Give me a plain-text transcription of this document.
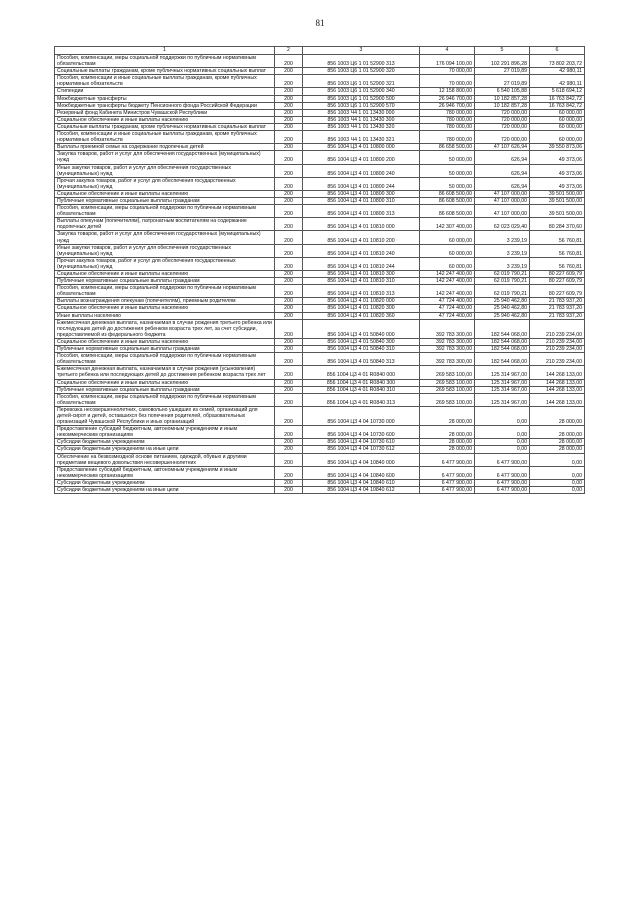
81
1	2	3	4	5	6
Пособия, компенсации, меры социальной поддержки по публичным нормативным обязательствам	200	856 1003 Ц6 1 01 52900 313	176 094 100,00	102 291 896,28	73 802 203,72
Социальные выплаты гражданам, кроме публичных нормативных социальных выплат	200	856 1003 Ц6 1 01 52900 320	70 000,00	27 019,89	42 980,11
Пособия, компенсации и иные социальные выплаты гражданам, кроме публичных нормативных обязательств	200	856 1003 Ц6 1 01 52900 321	70 000,00	27 019,89	42 980,11
Стипендии	200	856 1003 Ц6 1 01 52900 340	12 158 800,00	6 540 105,88	5 618 694,12
Межбюджетные трансферты	200	856 1003 Ц6 1 01 52900 500	26 946 700,00	10 182 857,28	16 763 842,72
Межбюджетные трансферты бюджету Пенсионного фонда Российской Федерации	200	856 1003 Ц6 1 01 52900 570	26 946 700,00	10 182 857,28	16 763 842,72
Резервный фонд Кабинета Министров Чувашской Республики	200	856 1003 Ч4 1 01 13430 000	780 000,00	720 000,00	60 000,00
Социальное обеспечение и иные выплаты населению	200	856 1003 Ч4 1 01 13430 300	780 000,00	720 000,00	60 000,00
Социальные выплаты гражданам, кроме публичных нормативных социальных выплат	200	856 1003 Ч4 1 01 13430 320	780 000,00	720 000,00	60 000,00
Пособия, компенсации и иные социальные выплаты гражданам, кроме публичных нормативных обязательств	200	856 1003 Ч4 1 01 13430 321	780 000,00	720 000,00	60 000,00
Выплаты приемной семье на содержание подопечных детей	200	856 1004 Ц3 4 01 10800 000	86 658 500,00	47 107 626,94	39 550 873,06
Закупка товаров, работ и услуг для обеспечения государственных (муниципальных) нужд	200	856 1004 Ц3 4 01 10800 200	50 000,00	626,94	49 373,06
Иные закупки товаров, работ и услуг для обеспечения государственных (муниципальных) нужд	200	856 1004 Ц3 4 01 10800 240	50 000,00	626,94	49 373,06
Прочая закупка товаров, работ и услуг для обеспечения государственных (муниципальных) нужд	200	856 1004 Ц3 4 01 10800 244	50 000,00	626,94	49 373,06
Социальное обеспечение и иные выплаты населению	200	856 1004 Ц3 4 01 10800 300	86 608 500,00	47 107 000,00	39 501 500,00
Публичные нормативные социальные выплаты гражданам	200	856 1004 Ц3 4 01 10800 310	86 608 500,00	47 107 000,00	39 501 500,00
Пособия, компенсации, меры социальной поддержки по публичным нормативным обязательствам	200	856 1004 Ц3 4 01 10800 313	86 608 500,00	47 107 000,00	39 501 500,00
Выплаты опекунам (попечителям), патронатным воспитателям на содержание подопечных детей	200	856 1004 Ц3 4 01 10810 000	142 307 400,00	62 023 029,40	80 284 370,60
Закупка товаров, работ и услуг для обеспечения государственных (муниципальных) нужд	200	856 1004 Ц3 4 01 10810 200	60 000,00	3 239,19	56 760,81
Иные закупки товаров, работ и услуг для обеспечения государственных (муниципальных) нужд	200	856 1004 Ц3 4 01 10810 240	60 000,00	3 239,19	56 760,81
Прочая закупка товаров, работ и услуг для обеспечения государственных (муниципальных) нужд	200	856 1004 Ц3 4 01 10810 244	60 000,00	3 239,19	56 760,81
Социальное обеспечение и иные выплаты населению	200	856 1004 Ц3 4 01 10810 300	142 247 400,00	62 019 790,21	80 227 609,79
Публичные нормативные социальные выплаты гражданам	200	856 1004 Ц3 4 01 10810 310	142 247 400,00	62 019 790,21	80 227 609,79
Пособия, компенсации, меры социальной поддержки по публичным нормативным обязательствам	200	856 1004 Ц3 4 01 10810 313	142 247 400,00	62 019 790,21	80 227 609,79
Выплаты вознаграждения опекунам (попечителям), приемным родителям	200	856 1004 Ц3 4 01 10820 000	47 724 400,00	25 940 462,80	21 783 937,20
Социальное обеспечение и иные выплаты населению	200	856 1004 Ц3 4 01 10820 300	47 724 400,00	25 940 462,80	21 783 937,20
Иные выплаты населению	200	856 1004 Ц3 4 01 10820 360	47 724 400,00	25 940 462,80	21 783 937,20
Ежемесячная денежная выплата, назначаемая в случае рождения третьего ребенка или последующих детей до достижения ребенком возраста трех лет, за счет субсидии, предоставляемой из федерального бюджета	200	856 1004 Ц3 4 01 50840 000	392 783 300,00	182 544 068,00	210 239 234,00
Социальное обеспечение и иные выплаты населению	200	856 1004 Ц3 4 01 50840 300	392 783 300,00	182 544 068,00	210 239 234,00
Публичные нормативные социальные выплаты гражданам	200	856 1004 Ц3 4 01 50840 310	392 783 300,00	182 544 068,00	210 239 234,00
Пособия, компенсации, меры социальной поддержки по публичным нормативным обязательствам	200	856 1004 Ц3 4 01 50840 313	392 783 300,00	182 544 068,00	210 239 234,00
Ежемесячная денежная выплата, назначаемая в случае рождения (усыновления) третьего ребенка или последующих детей до достижения ребенком возраста трех лет	200	856 1004 Ц3 4 01 R0840 000	269 583 100,00	125 314 967,00	144 268 133,00
Социальное обеспечение и иные выплаты населению	200	856 1004 Ц3 4 01 R0840 300	269 583 100,00	125 314 967,00	144 268 133,00
Публичные нормативные социальные выплаты гражданам	200	856 1004 Ц3 4 01 R0840 310	269 583 100,00	125 314 967,00	144 268 133,00
Пособия, компенсации, меры социальной поддержки по публичным нормативным обязательствам	200	856 1004 Ц3 4 01 R0840 313	269 583 100,00	125 314 967,00	144 268 133,00
Перевозка несовершеннолетних, самовольно ушедших из семей, организаций для детей-сирот и детей, оставшихся без попечения родителей, образовательных организаций Чувашской Республики и иных организаций	200	856 1004 Ц3 4 04 10730 000	28 000,00	0,00	28 000,00
Предоставление субсидий бюджетным, автономным учреждениям и иным некоммерческим организациям	200	856 1004 Ц3 4 04 10730 600	28 000,00	0,00	28 000,00
Субсидии бюджетным учреждениям	200	856 1004 Ц3 4 04 10730 610	28 000,00	0,00	28 000,00
Субсидии бюджетным учреждениям на иные цели	200	856 1004 Ц3 4 04 10730 612	28 000,00	0,00	28 000,00
Обеспечение на безвозмездной основе питанием, одеждой, обувью и другими предметами вещевого довольствия несовершеннолетних	200	856 1004 Ц3 4 04 10840 000	6 477 900,00	6 477 900,00	0,00
Предоставление субсидий бюджетным, автономным учреждениям и иным некоммерческим организациям	200	856 1004 Ц3 4 04 10840 600	6 477 900,00	6 477 900,00	0,00
Субсидии бюджетным учреждениям	200	856 1004 Ц3 4 04 10840 610	6 477 900,00	6 477 900,00	0,00
Субсидии бюджетным учреждениям на иные цели	200	856 1004 Ц3 4 04 10840 612	6 477 900,00	6 477 900,00	0,00
